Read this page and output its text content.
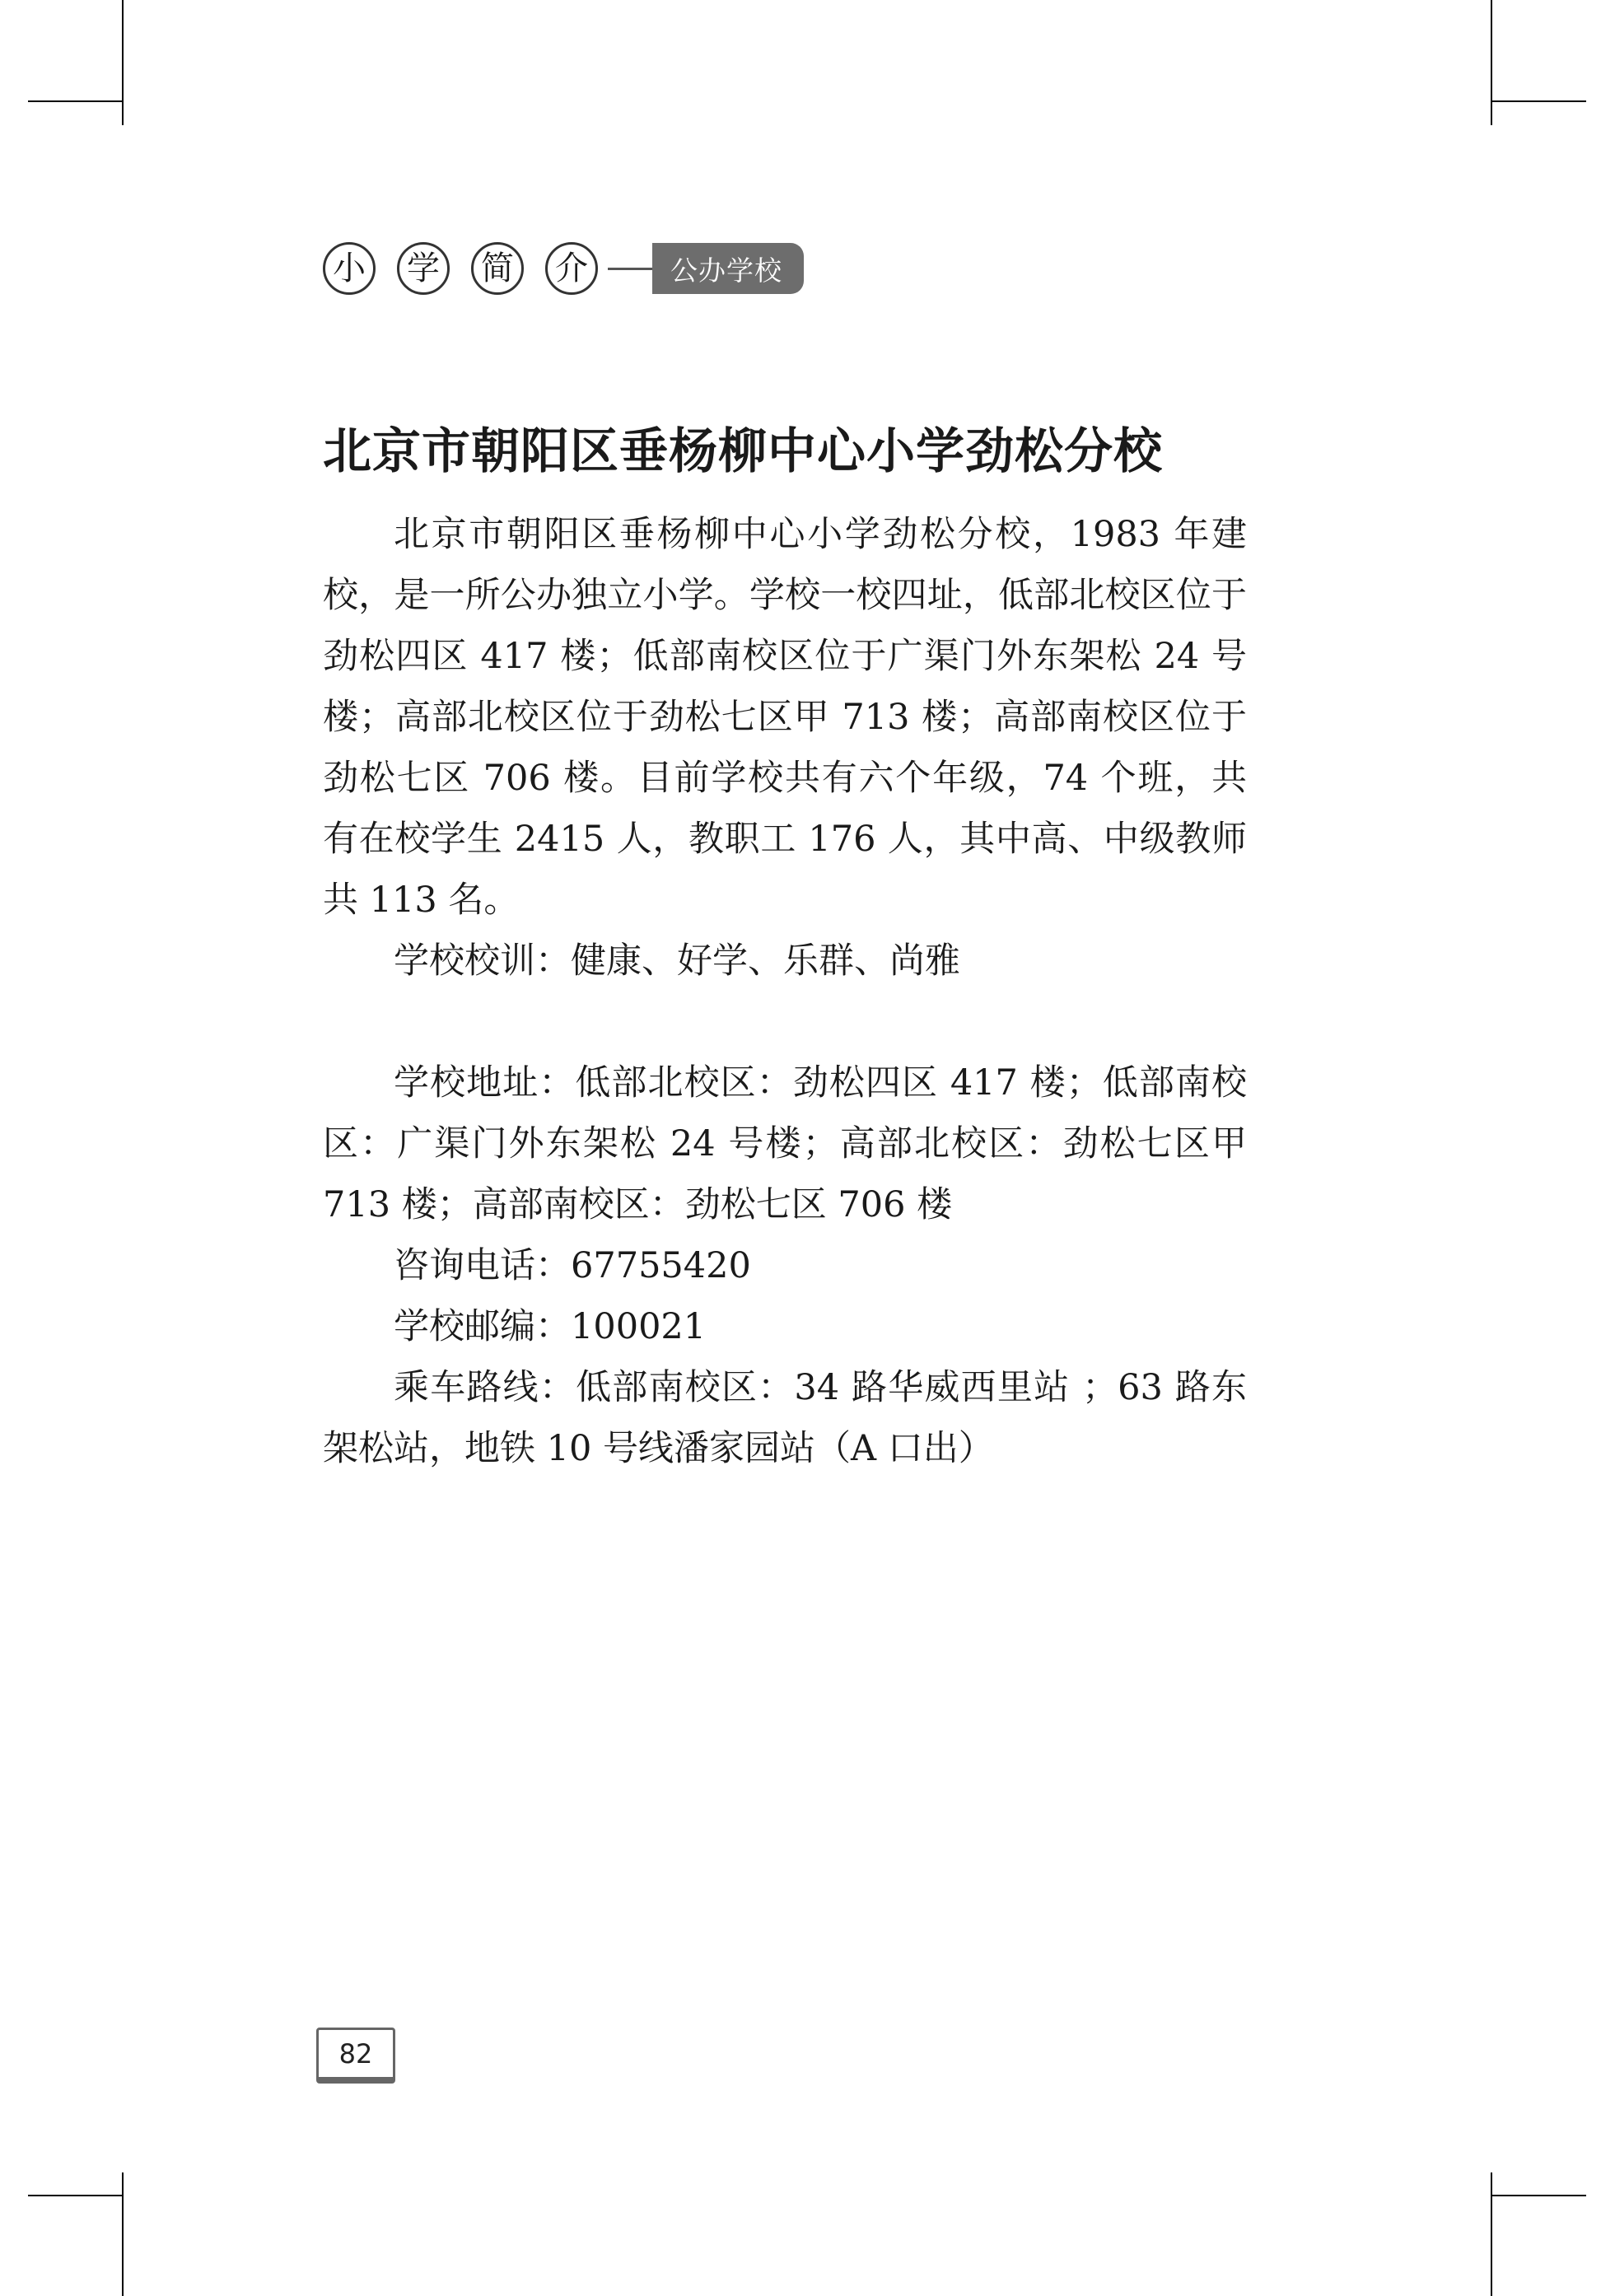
小	学	简	介	公办学校
北京市朝阳区垂杨柳中心小学劲松分校

北京市朝阳区垂杨柳中心小学劲松分校，1983 年建校，是一所公办独立小学。学校一校四址，低部北校区位于劲松四区 417 楼；低部南校区位于广渠门外东架松 24 号楼；高部北校区位于劲松七区甲 713 楼；高部南校区位于劲松七区 706 楼。目前学校共有六个年级，74 个班，共有在校学生 2415 人，教职工 176 人，其中高、中级教师共 113 名。

学校校训：健康、好学、乐群、尚雅

学校地址：低部北校区：劲松四区 417 楼；低部南校区：广渠门外东架松 24 号楼；高部北校区：劲松七区甲 713 楼；高部南校区：劲松七区 706 楼

咨询电话：67755420

学校邮编：100021

乘车路线：低部南校区：34 路华威西里站 ；63 路东架松站，地铁 10 号线潘家园站（A 口出）

82
